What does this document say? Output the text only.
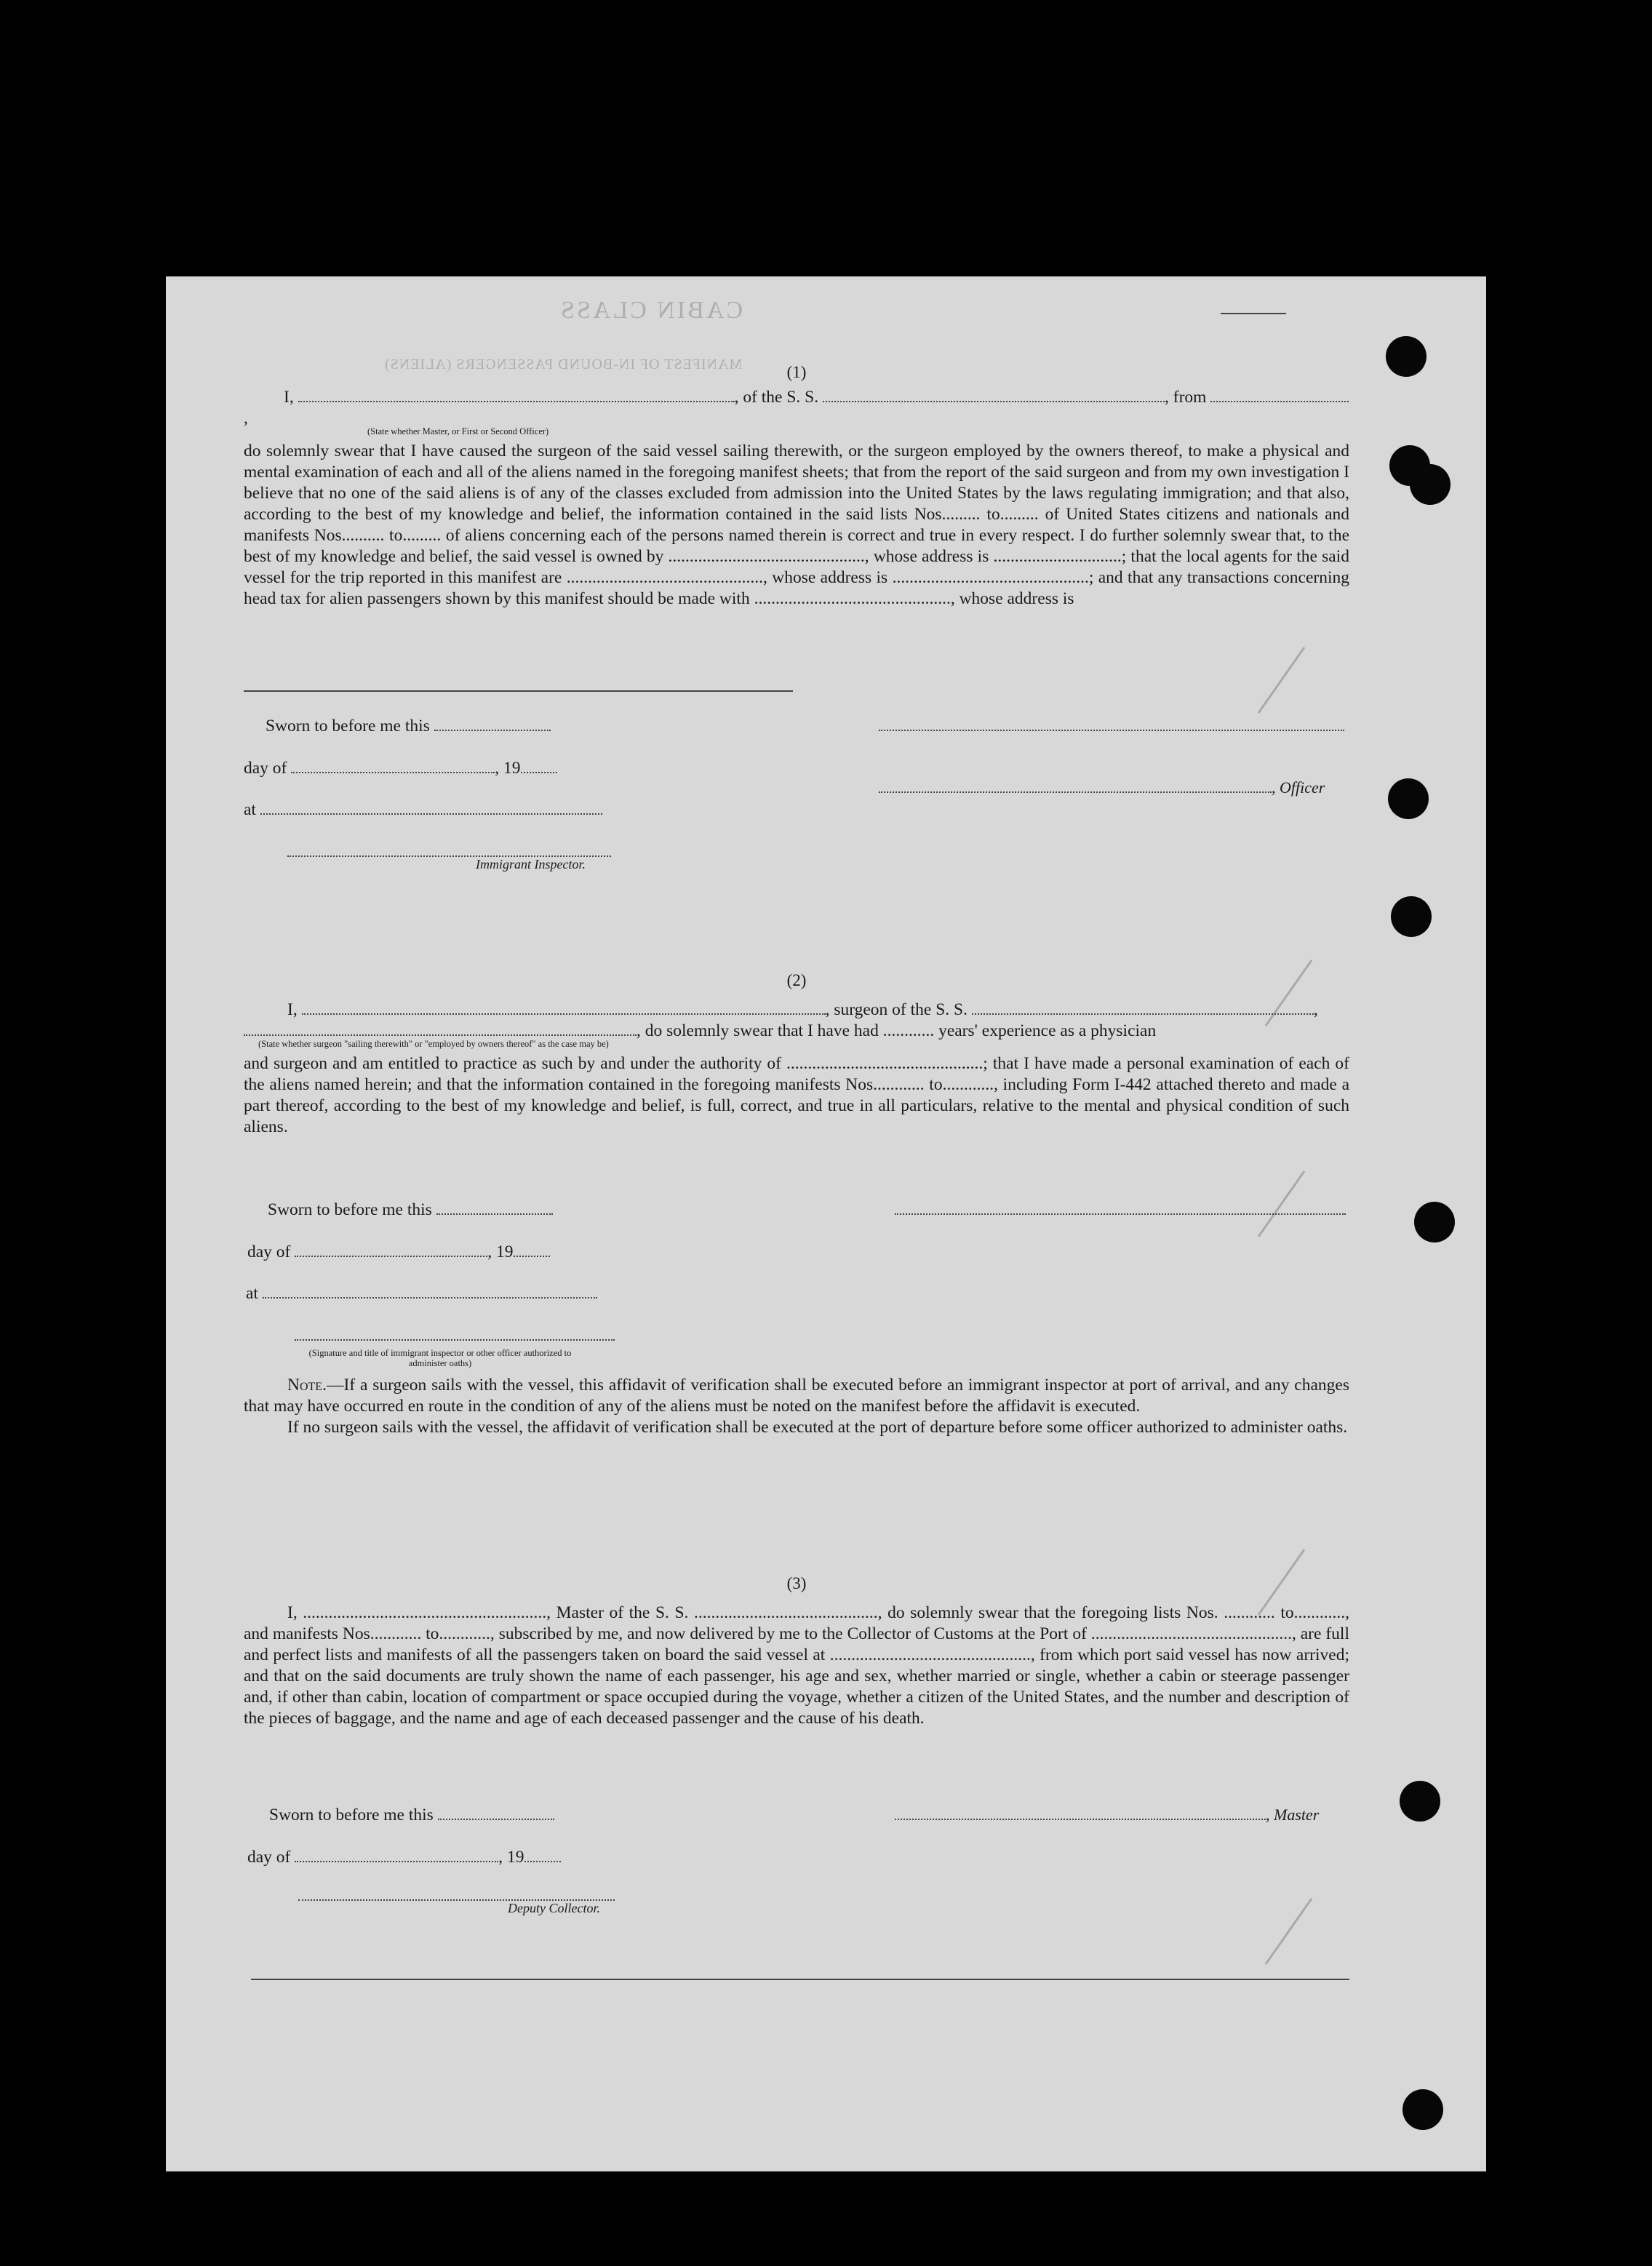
CABIN CLASS
MANIFEST OF IN-BOUND PASSENGERS (ALIENS)	(1)
I,	, of the S. S.	, from ,
(State whether Master, or First or Second Officer)

do solemnly swear that I have caused the surgeon of the said vessel sailing therewith, or the surgeon employed by the owners thereof, to make a physical and mental examination of each and all of the aliens named in the foregoing manifest sheets; that from the report of the said surgeon and from my own investigation I believe that no one of the said aliens is of any of the classes excluded from admission into the United States by the laws regulating immigration; and that also, according to the best of my knowledge and belief, the information contained in the said lists Nos......... to......... of United States citizens and nationals and manifests Nos.......... to......... of aliens concerning each of the persons named therein is correct and true in every respect. I do further solemnly swear that, to the best of my knowledge and belief, the said vessel is owned by .............................................., whose address is ..............................; that the local agents for the said vessel for the trip reported in this manifest are .............................................., whose address is ..............................................; and that any transactions concerning head tax for alien passengers shown by this manifest should be made with .............................................., whose address is

Sworn to before me this
day of	, 19
at
Immigrant Inspector.
, Officer
(2)
I,	, surgeon of the S. S.	,
, do solemnly swear that I have had ............ years' experience as a physician
(State whether surgeon "sailing therewith" or "employed by owners thereof" as the case may be)

and surgeon and am entitled to practice as such by and under the authority of ..............................................; that I have made a personal examination of each of the aliens named herein; and that the information contained in the foregoing manifests Nos............ to............, including Form I-442 attached thereto and made a part thereof, according to the best of my knowledge and belief, is full, correct, and true in all particulars, relative to the mental and physical condition of such aliens.

Sworn to before me this
day of	, 19
at
(Signature and title of immigrant inspector or other officer authorized to administer oaths)

Note.—If a surgeon sails with the vessel, this affidavit of verification shall be executed before an immigrant inspector at port of arrival, and any changes that may have occurred en route in the condition of any of the aliens must be noted on the manifest before the affidavit is executed.

If no surgeon sails with the vessel, the affidavit of verification shall be executed at the port of departure before some officer authorized to administer oaths.

(3)

I, ........................................................., Master of the S. S. ..........................................., do solemnly swear that the foregoing lists Nos. ............ to............, and manifests Nos............ to............, subscribed by me, and now delivered by me to the Collector of Customs at the Port of ..............................................., are full and perfect lists and manifests of all the passengers taken on board the said vessel at ..............................................., from which port said vessel has now arrived; and that on the said documents are truly shown the name of each passenger, his age and sex, whether married or single, whether a cabin or steerage passenger and, if other than cabin, location of compartment or space occupied during the voyage, whether a citizen of the United States, and the number and description of the pieces of baggage, and the name and age of each deceased passenger and the cause of his death.

Sworn to before me this
day of	, 19
Deputy Collector.
, Master
